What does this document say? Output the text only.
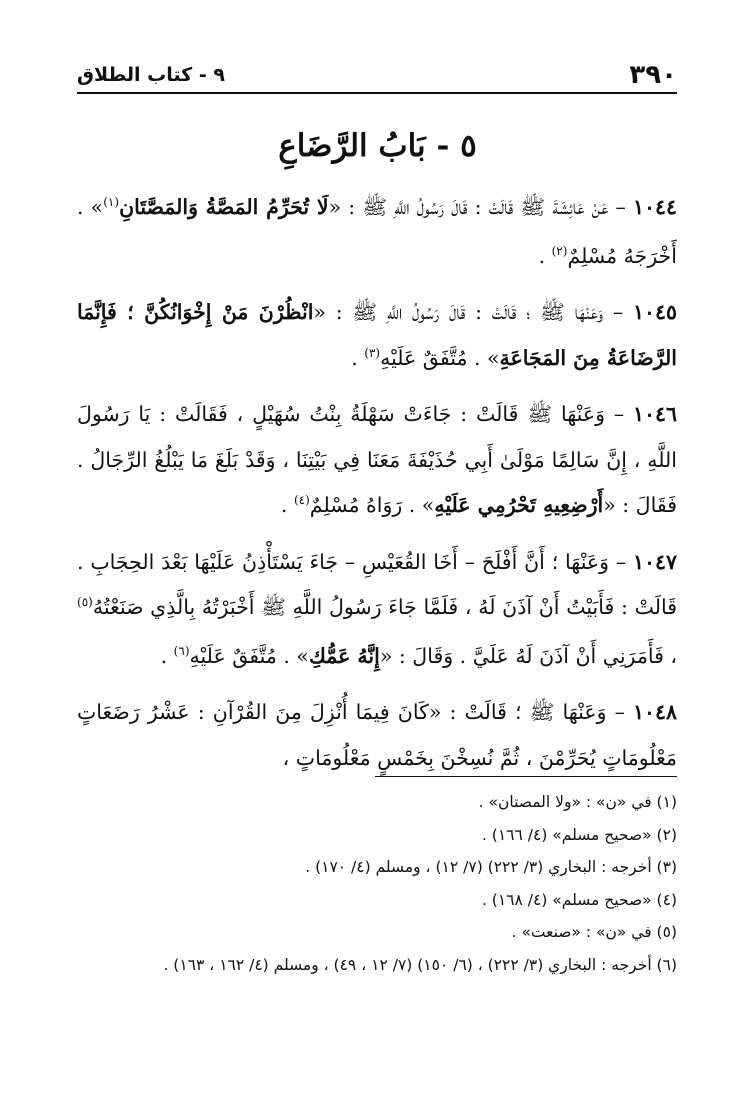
٣٩٠
٩ - كتاب الطلاق
٥ - بَابُ الرَّضَاعِ

١٠٤٤ – عَنْ عَائِشَةَ ﷺ قَالَتْ : قَالَ رَسُولُ اللَّهِ ﷺ : «لَا تُحَرِّمُ المَصَّةُ وَالمَصَّتَانِ$^{(١)}$» . أَخْرَجَهُ مُسْلِمٌ$^{(٢)}$ .

١٠٤٥ – وَعَنْهَا ﷺ ؛ قَالَتْ : قَالَ رَسُولُ اللَّهِ ﷺ : «انْظُرْنَ مَنْ إِخْوَانُكُنَّ ؛ فَإِنَّمَا الرَّضَاعَةُ مِنَ المَجَاعَةِ» . مُتَّفَقٌ عَلَيْهِ$^{(٣)}$ .

١٠٤٦ – وَعَنْهَا ﷺ قَالَتْ : جَاءَتْ سَهْلَةُ بِنْتُ سُهَيْلٍ ، فَقَالَتْ : يَا رَسُولَ اللَّهِ ، إِنَّ سَالِمًا مَوْلَىٰ أَبِي حُذَيْفَةَ مَعَنَا فِي بَيْتِنَا ، وَقَدْ بَلَغَ مَا يَبْلُغُ الرِّجَالُ . فَقَالَ : «أَرْضِعِيهِ تَحْرُمِي عَلَيْهِ» . رَوَاهُ مُسْلِمٌ$^{(٤)}$ .

١٠٤٧ – وَعَنْهَا ؛ أَنَّ أَفْلَحَ – أَخَا القُعَيْسِ – جَاءَ يَسْتَأْذِنُ عَلَيْهَا بَعْدَ الحِجَابِ . قَالَتْ : فَأَبَيْتُ أَنْ آذَنَ لَهُ ، فَلَمَّا جَاءَ رَسُولُ اللَّهِ ﷺ أَخْبَرْتُهُ بِالَّذِي صَنَعْتُهُ$^{(٥)}$ ، فَأَمَرَنِي أَنْ آذَنَ لَهُ عَلَيَّ . وَقَالَ : «إِنَّهُ عَمُّكِ» . مُتَّفَقٌ عَلَيْهِ$^{(٦)}$ .

١٠٤٨ – وَعَنْهَا ﷺ ؛ قَالَتْ : «كَانَ فِيمَا أُنْزِلَ مِنَ القُرْآنِ : عَشْرُ رَضَعَاتٍ مَعْلُومَاتٍ يُحَرِّمْنَ ، ثُمَّ نُسِخْنَ بِخَمْسٍ مَعْلُومَاتٍ ،

(١) في «ن» : «ولا المصتان» .

(٢) «صحيح مسلم» (٤/ ١٦٦) .

(٣) أخرجه : البخاري (٣/ ٢٢٢) (٧/ ١٢) ، ومسلم (٤/ ١٧٠) .

(٤) «صحيح مسلم» (٤/ ١٦٨) .

(٥) في «ن» : «صنعت» .

(٦) أخرجه : البخاري (٣/ ٢٢٢) ، (٦/ ١٥٠) (٧/ ١٢ ، ٤٩) ، ومسلم (٤/ ١٦٢ ، ١٦٣) .
